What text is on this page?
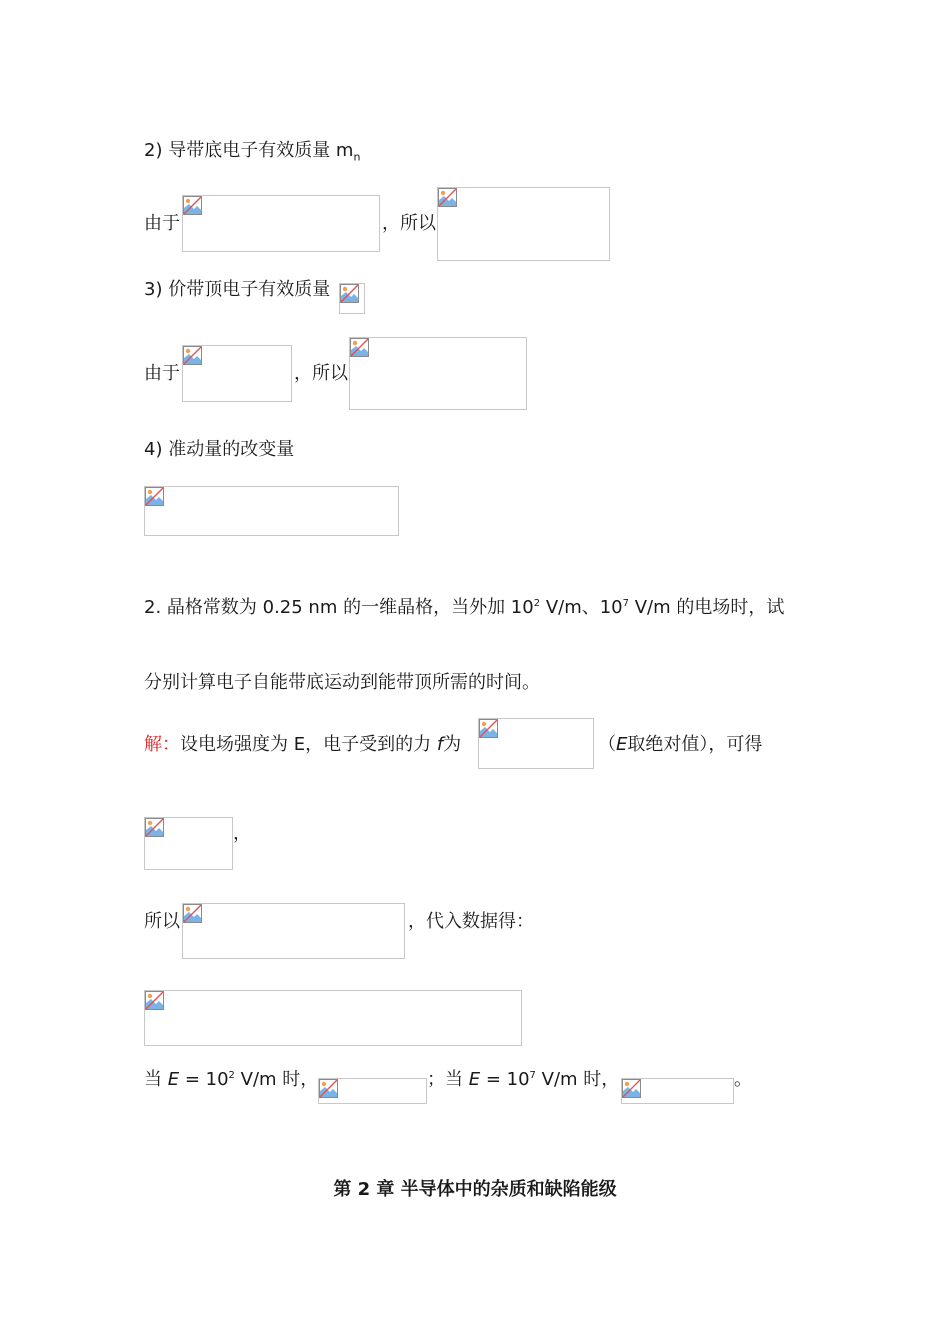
2) 导带底电子有效质量 $m_n$
由于	，所以
3) 价带顶电子有效质量
由于	，所以
4) 准动量的改变量
2. 晶格常数为 0.25 nm 的一维晶格，当外加 $10^2$ V/m、$10^7$ V/m 的电场时，试
分别计算电子自能带底运动到能带顶所需的时间。
解：设电场强度为 E，电子受到的力 f为	（E取绝对值），可得
，
所以	，代入数据得：
当 $E = 10^2$ V/m 时，	；当 $E = 10^7$ V/m 时，	。
第 2 章 半导体中的杂质和缺陷能级
